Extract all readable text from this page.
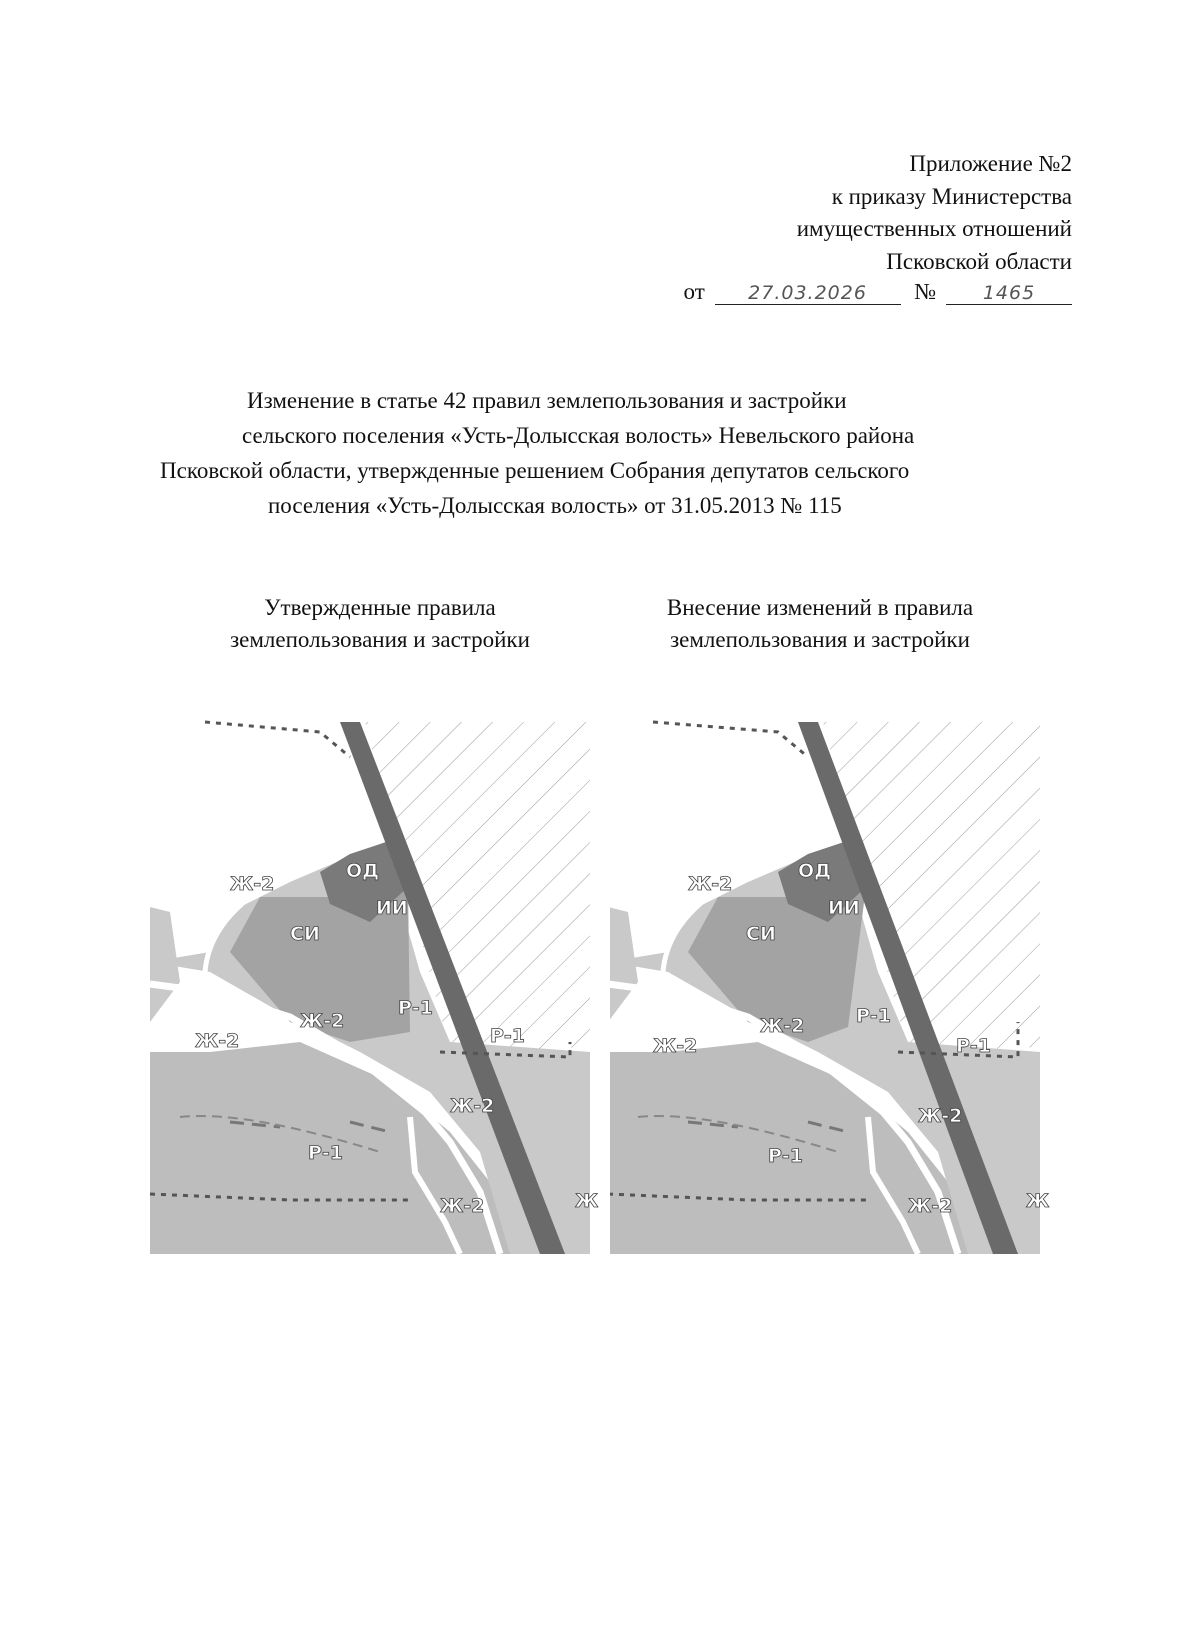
Приложение №2
к приказу Министерства
имущественных отношений
Псковской области
от 27.03.2026 № 1465
Изменение в статье 42 правил землепользования и застройки
сельского поселения «Усть-Долысская волость» Невельского района
Псковской области, утвержденные решением Собрания депутатов сельского
поселения «Усть-Долысская волость» от 31.05.2013 № 115
Утвержденные правила
землепользования и застройки
Внесение изменений в правила
землепользования и застройки
ОД
ИИ
СИ
Ж-2
Ж-2
Ж-2
Ж-2
Ж-2
Р-1
Р-1
Р-1
Ж
ОД
ИИ
СИ
Ж-2
Ж-2
Ж-2
Ж-2
Ж-2
Р-1
Р-1
Р-1
Ж
